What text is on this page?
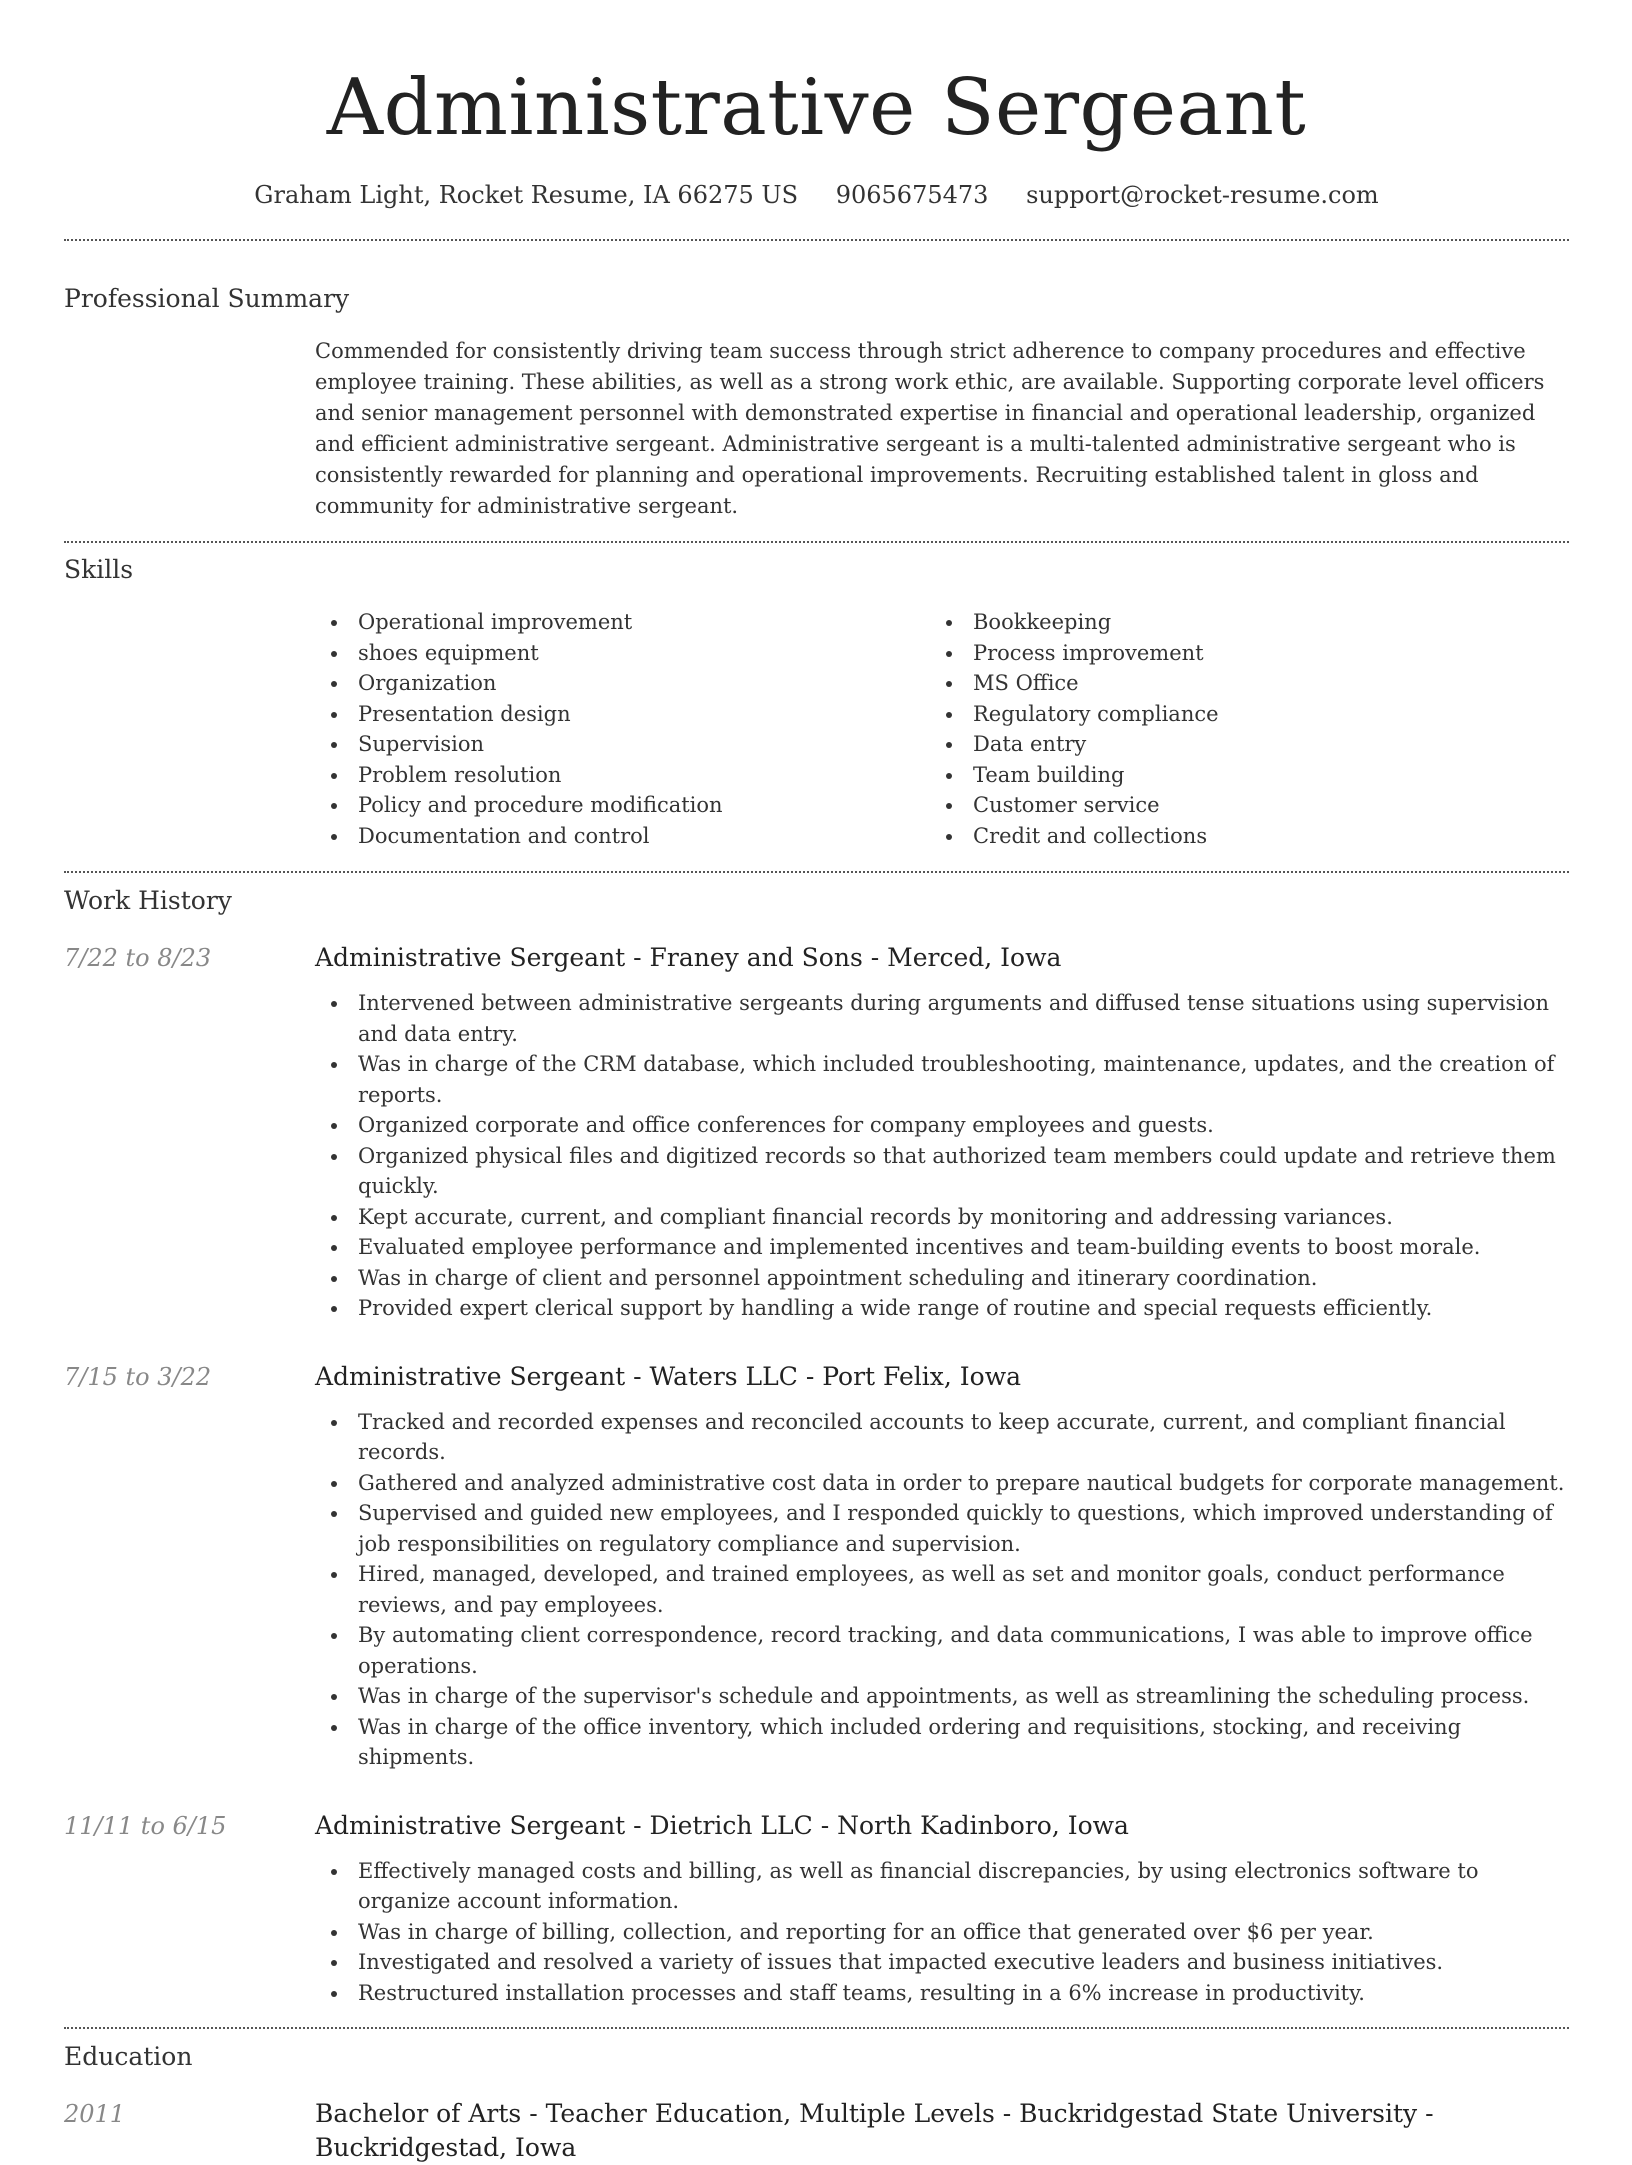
Administrative Sergeant
Graham Light, Rocket Resume, IA 66275 US 9065675473 support@rocket-resume.com
Professional Summary

Commended for consistently driving team success through strict adherence to company procedures and effective employee training. These abilities, as well as a strong work ethic, are available. Supporting corporate level officers and senior management personnel with demonstrated expertise in financial and operational leadership, organized and efficient administrative sergeant. Administrative sergeant is a multi-talented administrative sergeant who is consistently rewarded for planning and operational improvements. Recruiting established talent in gloss and community for administrative sergeant.

Skills
Operational improvement
shoes equipment
Organization
Presentation design
Supervision
Problem resolution
Policy and procedure modification
Documentation and control
Bookkeeping
Process improvement
MS Office
Regulatory compliance
Data entry
Team building
Customer service
Credit and collections
Work History
7/22 to 8/23	Administrative Sergeant - Franey and Sons - Merced, Iowa
Intervened between administrative sergeants during arguments and diffused tense situations using supervision and data entry.
Was in charge of the CRM database, which included troubleshooting, maintenance, updates, and the creation of reports.
Organized corporate and office conferences for company employees and guests.
Organized physical files and digitized records so that authorized team members could update and retrieve them quickly.
Kept accurate, current, and compliant financial records by monitoring and addressing variances.
Evaluated employee performance and implemented incentives and team-building events to boost morale.
Was in charge of client and personnel appointment scheduling and itinerary coordination.
Provided expert clerical support by handling a wide range of routine and special requests efficiently.
7/15 to 3/22	Administrative Sergeant - Waters LLC - Port Felix, Iowa
Tracked and recorded expenses and reconciled accounts to keep accurate, current, and compliant financial records.
Gathered and analyzed administrative cost data in order to prepare nautical budgets for corporate management.
Supervised and guided new employees, and I responded quickly to questions, which improved understanding of job responsibilities on regulatory compliance and supervision.
Hired, managed, developed, and trained employees, as well as set and monitor goals, conduct performance reviews, and pay employees.
By automating client correspondence, record tracking, and data communications, I was able to improve office operations.
Was in charge of the supervisor's schedule and appointments, as well as streamlining the scheduling process.
Was in charge of the office inventory, which included ordering and requisitions, stocking, and receiving shipments.
11/11 to 6/15	Administrative Sergeant - Dietrich LLC - North Kadinboro, Iowa
Effectively managed costs and billing, as well as financial discrepancies, by using electronics software to organize account information.
Was in charge of billing, collection, and reporting for an office that generated over $6 per year.
Investigated and resolved a variety of issues that impacted executive leaders and business initiatives.
Restructured installation processes and staff teams, resulting in a 6% increase in productivity.
Education
2011	Bachelor of Arts - Teacher Education, Multiple Levels - Buckridgestad State University - Buckridgestad, Iowa
